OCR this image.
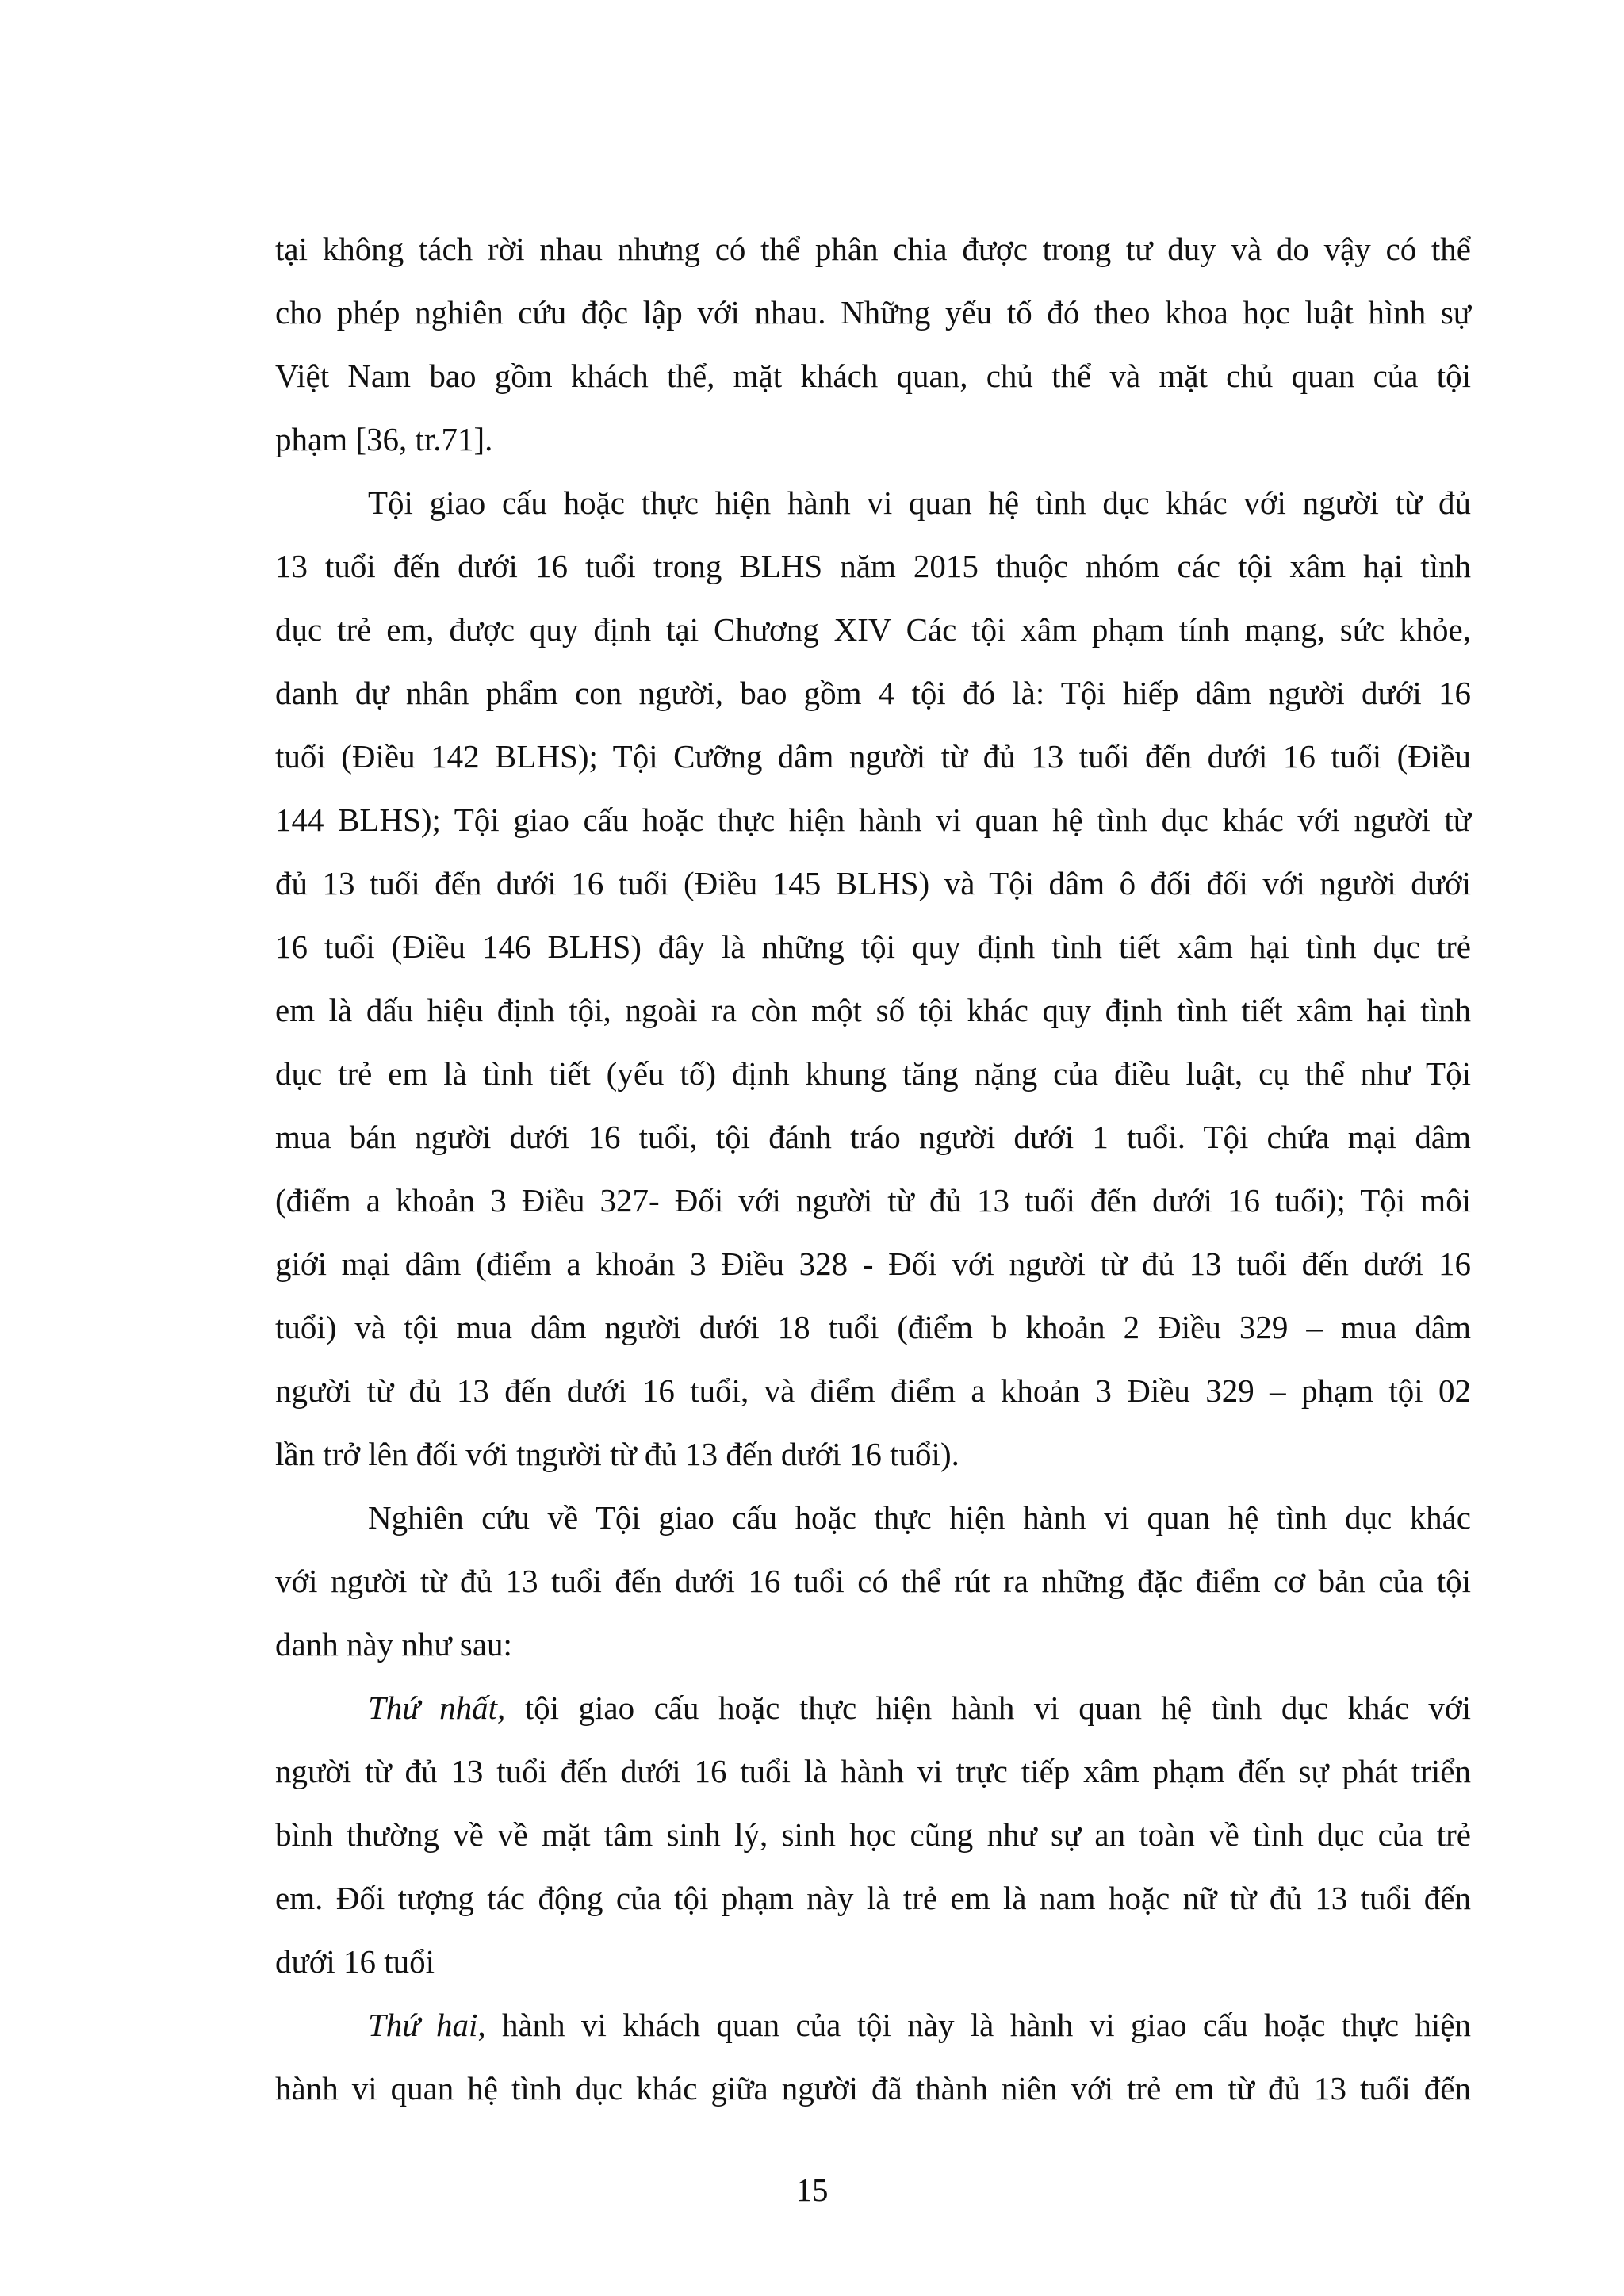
tại không tách rời nhau nhưng có thể phân chia được trong tư duy và do vậy có thể
cho phép nghiên cứu độc lập với nhau. Những yếu tố đó theo khoa học luật hình sự
Việt Nam bao gồm khách thể, mặt khách quan, chủ thể và mặt chủ quan của tội
phạm [36, tr.71].
Tội giao cấu hoặc thực hiện hành vi quan hệ tình dục khác với người từ đủ
13 tuổi đến dưới 16 tuổi trong BLHS năm 2015 thuộc nhóm các tội xâm hại tình
dục trẻ em, được quy định tại Chương XIV Các tội xâm phạm tính mạng, sức khỏe,
danh dự nhân phẩm con người, bao gồm 4 tội đó là: Tội hiếp dâm người dưới 16
tuổi (Điều 142 BLHS); Tội Cưỡng dâm người từ đủ 13 tuổi đến dưới 16 tuổi (Điều
144 BLHS); Tội giao cấu hoặc thực hiện hành vi quan hệ tình dục khác với người từ
đủ 13 tuổi đến dưới 16 tuổi (Điều 145 BLHS) và Tội dâm ô đối đối với người dưới
16 tuổi (Điều 146 BLHS) đây là những tội quy định tình tiết xâm hại tình dục trẻ
em là dấu hiệu định tội, ngoài ra còn một số tội khác quy định tình tiết xâm hại tình
dục trẻ em là tình tiết (yếu tố) định khung tăng nặng của điều luật, cụ thể như Tội
mua bán người dưới 16 tuổi, tội đánh tráo người dưới 1 tuổi. Tội chứa mại dâm
(điểm a khoản 3 Điều 327- Đối với người từ đủ 13 tuổi đến dưới 16 tuổi); Tội môi
giới mại dâm (điểm a khoản 3 Điều 328 - Đối với người từ đủ 13 tuổi đến dưới 16
tuổi) và tội mua dâm người dưới 18 tuổi (điểm b khoản 2 Điều 329 – mua dâm
người từ đủ 13 đến dưới 16 tuổi, và điểm điểm a khoản 3 Điều 329 – phạm tội 02
lần trở lên đối với tngười từ đủ 13 đến dưới 16 tuổi).
Nghiên cứu về Tội giao cấu hoặc thực hiện hành vi quan hệ tình dục khác
với người từ đủ 13 tuổi đến dưới 16 tuổi có thể rút ra những đặc điểm cơ bản của tội
danh này như sau:
Thứ nhất, tội giao cấu hoặc thực hiện hành vi quan hệ tình dục khác với
người từ đủ 13 tuổi đến dưới 16 tuổi là hành vi trực tiếp xâm phạm đến sự phát triển
bình thường về về mặt tâm sinh lý, sinh học cũng như sự an toàn về tình dục của trẻ
em. Đối tượng tác động của tội phạm này là trẻ em là nam hoặc nữ từ đủ 13 tuổi đến
dưới 16 tuổi
Thứ hai, hành vi khách quan của tội này là hành vi giao cấu hoặc thực hiện
hành vi quan hệ tình dục khác giữa người đã thành niên với trẻ em từ đủ 13 tuổi đến
15
